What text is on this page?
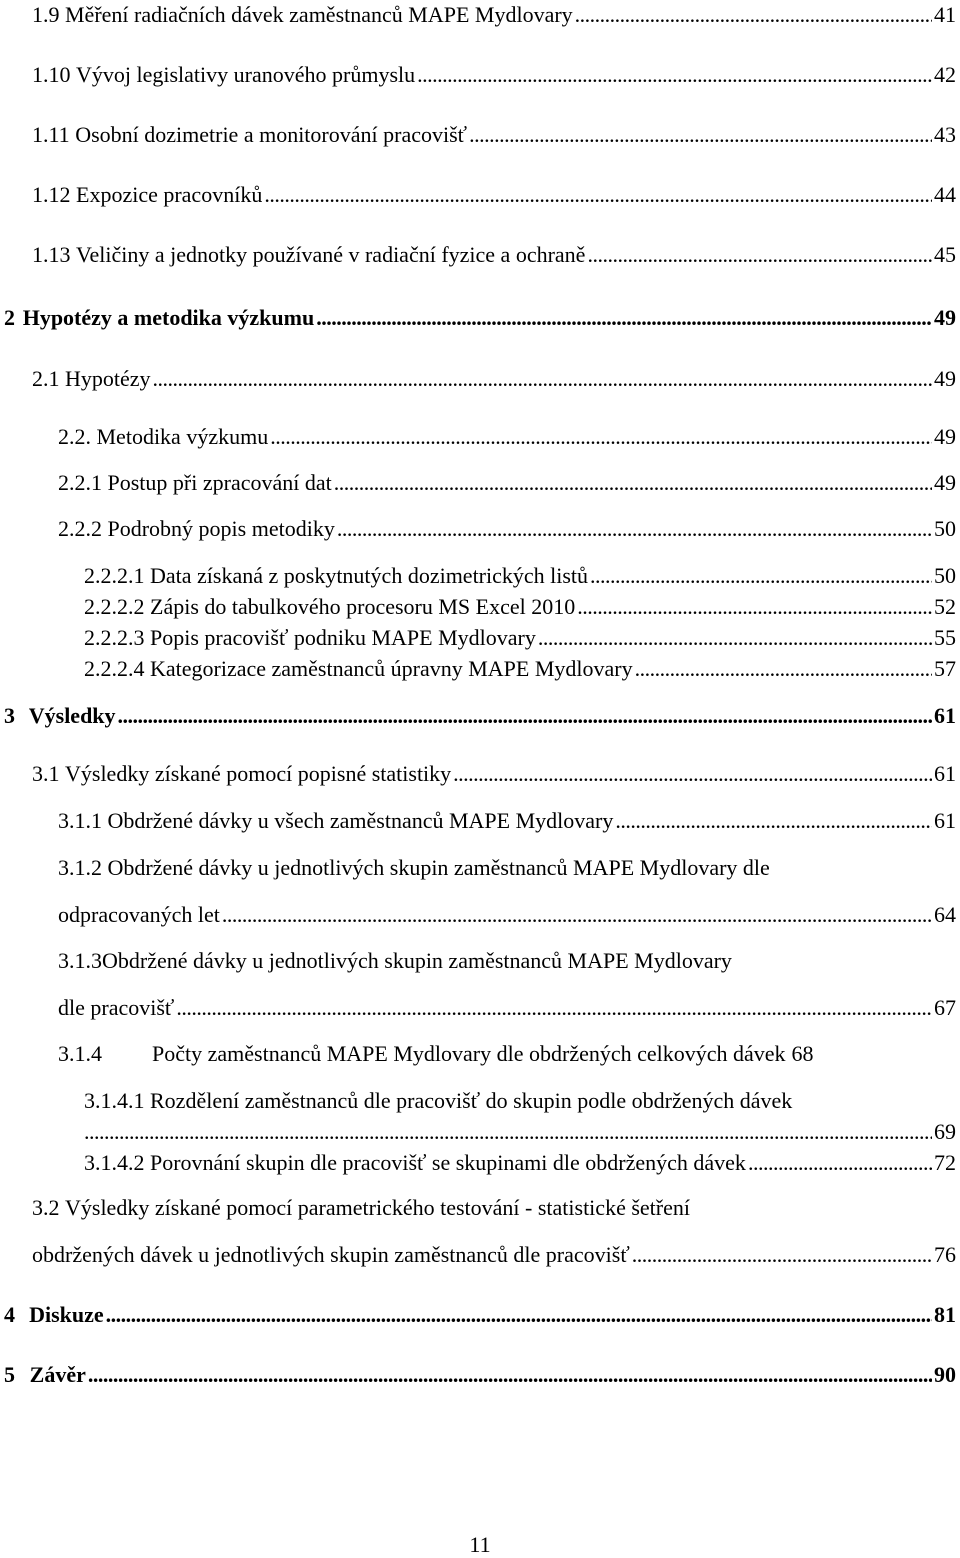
1.9
Měření radiačních dávek zaměstnanců MAPE Mydlovary . . .	41
1.10
Vývoj legislativy uranového průmyslu . . .	42
1.11
Osobní dozimetrie a monitorování pracovišť . . .	43
1.12
Expozice pracovníků . . .	44
1.13
Veličiny a jednotky používané v radiační fyzice a ochraně . . .	45
2 Hypotézy a metodika výzkumu . . .	49
2.1
Hypotézy . . .	49
2.2.
Metodika výzkumu . . .	49
2.2.1
Postup při zpracování dat . . .	49
2.2.2
Podrobný popis metodiky . . .	50
2.2.2.1
Data získaná z poskytnutých dozimetrických listů . . .	50
2.2.2.2
Zápis do tabulkového procesoru MS Excel 2010 . . .	52
2.2.2.3
Popis pracovišť podniku MAPE Mydlovary . . .	55
2.2.2.4
Kategorizace zaměstnanců úpravny MAPE Mydlovary . . .	57
3 Výsledky . . .	61
3.1
Výsledky získané pomocí popisné statistiky . . .	61
3.1.1
Obdržené dávky u všech zaměstnanců MAPE Mydlovary . . .	61
3.1.2 Obdržené dávky u jednotlivých skupin zaměstnanců MAPE Mydlovary dle
odpracovaných let . . .	64
3.1.3Obdržené dávky u jednotlivých skupin zaměstnanců MAPE Mydlovary
dle pracovišť . . .	67
3.1.4	Počty zaměstnanců MAPE Mydlovary dle obdržených celkových dávek 68
3.1.4.1 Rozdělení zaměstnanců dle pracovišť do skupin podle obdržených dávek
. . .
69
3.1.4.2
Porovnání skupin dle pracovišť se skupinami dle obdržených dávek . . .	72
3.2 Výsledky získané pomocí parametrického testování - statistické šetření
obdržených dávek u jednotlivých skupin zaměstnanců dle pracovišť . . .	76
4 Diskuze . . .	81
5 Závěr . . .	90
11
